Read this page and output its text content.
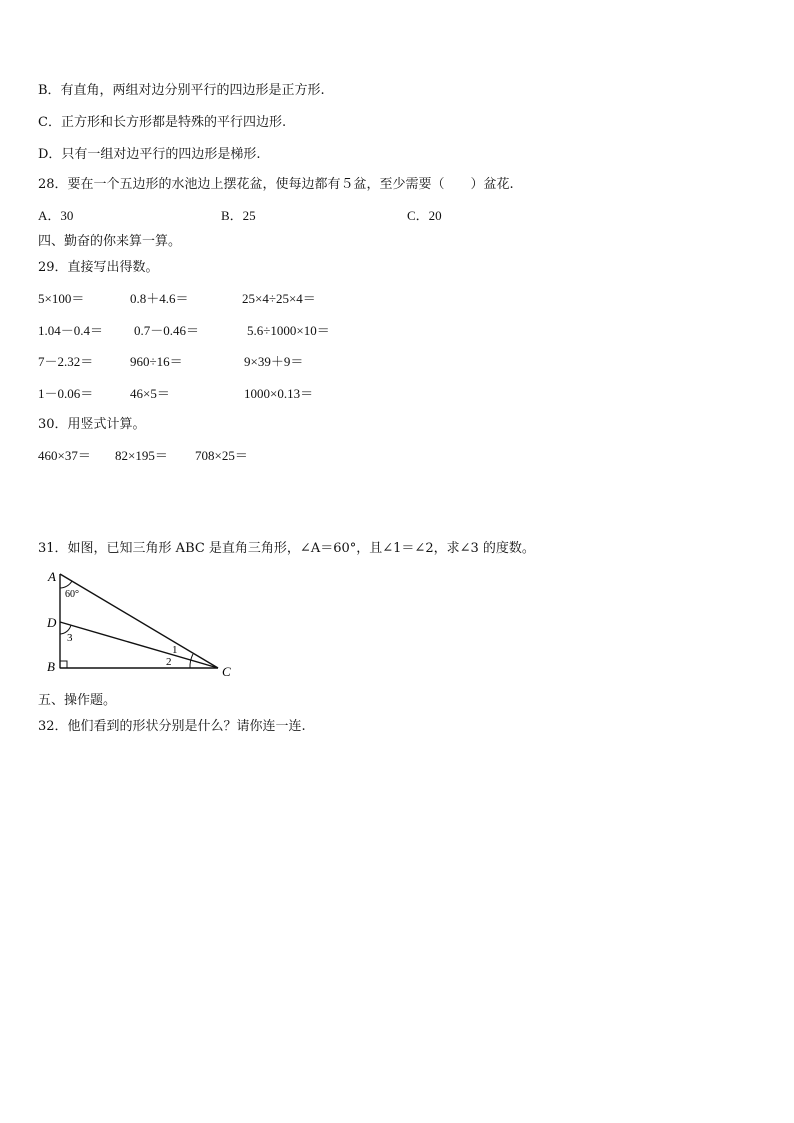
B．有直角，两组对边分别平行的四边形是正方形.
C．正方形和长方形都是特殊的平行四边形.
D．只有一组对边平行的四边形是梯形.
28．要在一个五边形的水池边上摆花盆，使每边都有５盆，至少需要（　　）盆花.
A．30	B．25	C．20
四、勤奋的你来算一算。
29．直接写出得数。
5×100＝	0.8＋4.6＝	25×4÷25×4＝
1.04－0.4＝ 0.7－0.46＝	5.6÷1000×10＝
7－2.32＝	960÷16＝	9×39＋9＝
1－0.06＝	46×5＝	1000×0.13＝
30．用竖式计算。
460×37＝ 82×195＝ 708×25＝
31．如图，已知三角形 ABC 是直角三角形，∠A＝60°，且∠1＝∠2，求∠3 的度数。
A
D
B	C
60°
3
1
2
五、操作题。
32．他们看到的形状分别是什么？请你连一连.
